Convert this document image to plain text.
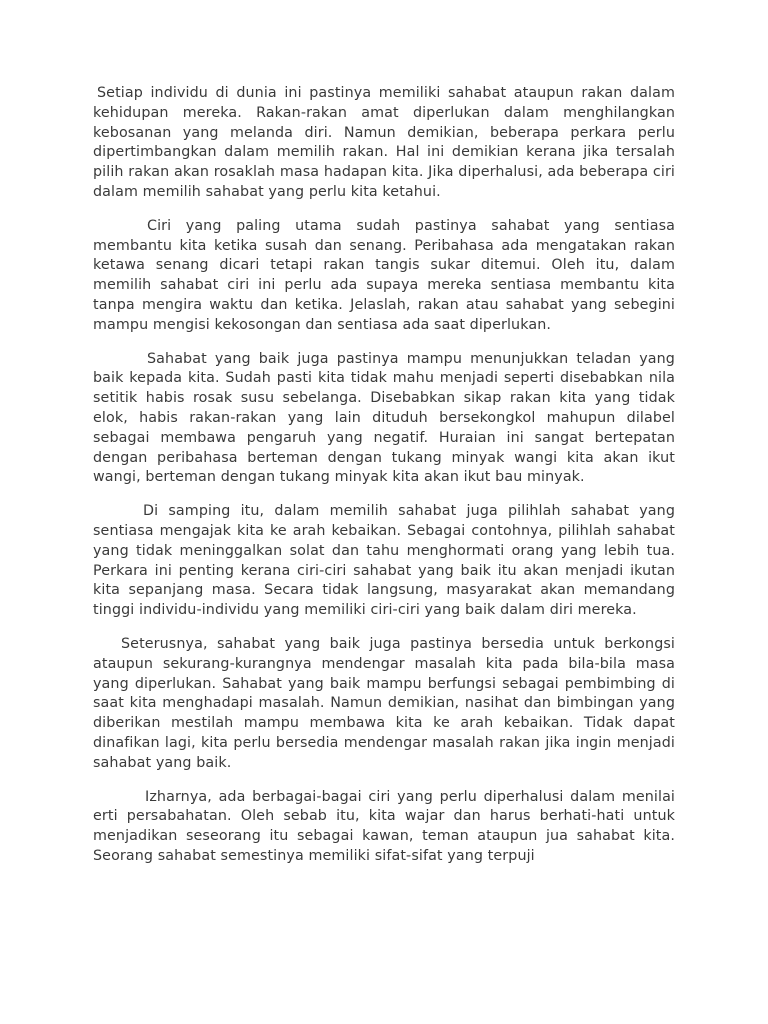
Setiap individu di dunia ini pastinya memiliki sahabat ataupun rakan dalam kehidupan mereka. Rakan-rakan amat diperlukan dalam menghilangkan kebosanan yang melanda diri. Namun demikian, beberapa perkara perlu dipertimbangkan dalam memilih rakan. Hal ini demikian kerana jika tersalah pilih rakan akan rosaklah masa hadapan kita. Jika diperhalusi, ada beberapa ciri dalam memilih sahabat yang perlu kita ketahui.

Ciri yang paling utama sudah pastinya sahabat yang sentiasa membantu kita ketika susah dan senang. Peribahasa ada mengatakan rakan ketawa senang dicari tetapi rakan tangis sukar ditemui. Oleh itu, dalam memilih sahabat ciri ini perlu ada supaya mereka sentiasa membantu kita tanpa mengira waktu dan ketika. Jelaslah, rakan atau sahabat yang sebegini mampu mengisi kekosongan dan sentiasa ada saat diperlukan.

Sahabat yang baik juga pastinya mampu menunjukkan teladan yang baik kepada kita. Sudah pasti kita tidak mahu menjadi seperti disebabkan nila setitik habis rosak susu sebelanga. Disebabkan sikap rakan kita yang tidak elok, habis rakan-rakan yang lain dituduh bersekongkol mahupun dilabel sebagai membawa pengaruh yang negatif. Huraian ini sangat bertepatan dengan peribahasa berteman dengan tukang minyak wangi kita akan ikut wangi, berteman dengan tukang minyak kita akan ikut bau minyak.

Di samping itu, dalam memilih sahabat juga pilihlah sahabat yang sentiasa mengajak kita ke arah kebaikan. Sebagai contohnya, pilihlah sahabat yang tidak meninggalkan solat dan tahu menghormati orang yang lebih tua. Perkara ini penting kerana ciri-ciri sahabat yang baik itu akan menjadi ikutan kita sepanjang masa. Secara tidak langsung, masyarakat akan memandang tinggi individu-individu yang memiliki ciri-ciri yang baik dalam diri mereka.

Seterusnya, sahabat yang baik juga pastinya bersedia untuk berkongsi ataupun sekurang-kurangnya mendengar masalah kita pada bila-bila masa yang diperlukan. Sahabat yang baik mampu berfungsi sebagai pembimbing di saat kita menghadapi masalah. Namun demikian, nasihat dan bimbingan yang diberikan mestilah mampu membawa kita ke arah kebaikan. Tidak dapat dinafikan lagi, kita perlu bersedia mendengar masalah rakan jika ingin menjadi sahabat yang baik.

Izharnya, ada berbagai-bagai ciri yang perlu diperhalusi dalam menilai erti persabahatan. Oleh sebab itu, kita wajar dan harus berhati-hati untuk menjadikan seseorang itu sebagai kawan, teman ataupun jua sahabat kita. Seorang sahabat semestinya memiliki sifat-sifat yang terpuji
